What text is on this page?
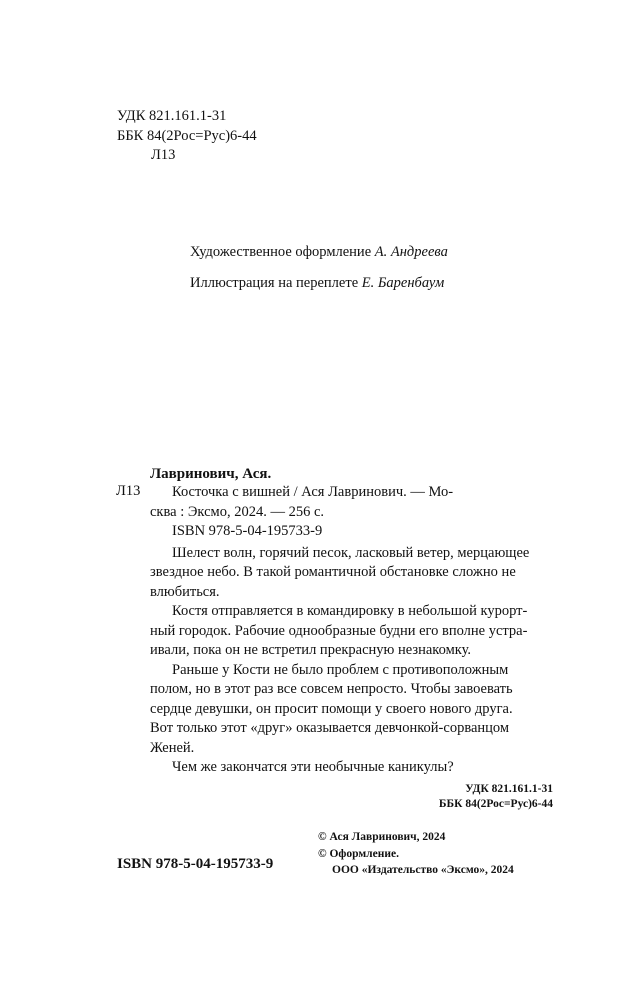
УДК 821.161.1-31
ББК 84(2Рос=Рус)6-44
Л13
Художественное оформление А. Андреева
Иллюстрация на переплете Е. Баренбаум
Лавринович, Ася.
Л13	Косточка с вишней / Ася Лавринович. — Мо-
сква : Эксмо, 2024. — 256 с.

ISBN 978-5-04-195733-9

Шелест волн, горячий песок, ласковый ветер, мерцающее
звездное небо. В такой романтичной обстановке сложно не
влюбиться.

Костя отправляется в командировку в небольшой курорт-
ный городок. Рабочие однообразные будни его вполне устра-
ивали, пока он не встретил прекрасную незнакомку.

Раньше у Кости не было проблем с противоположным
полом, но в этот раз все совсем непросто. Чтобы завоевать
сердце девушки, он просит помощи у своего нового друга.
Вот только этот «друг» оказывается девчонкой-сорванцом
Женей.

Чем же закончатся эти необычные каникулы?

УДК 821.161.1-31
ББК 84(2Рос=Рус)6-44
ISBN 978-5-04-195733-9
© Ася Лавринович, 2024
© Оформление.
ООО «Издательство «Эксмо», 2024
